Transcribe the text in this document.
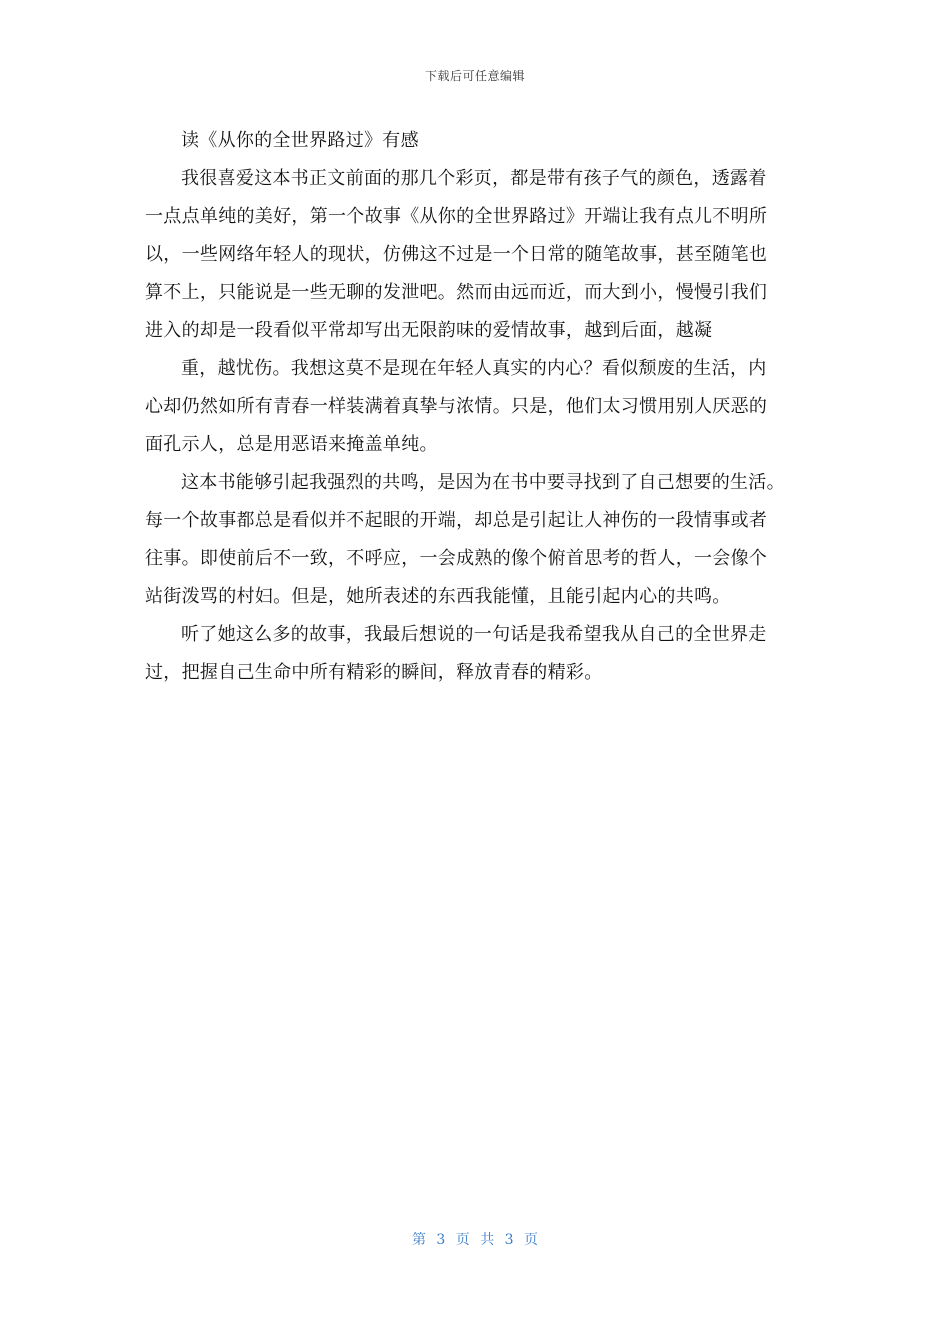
下载后可任意编辑
读《从你的全世界路过》有感
我很喜爱这本书正文前面的那几个彩页，都是带有孩子气的颜色，透露着
一点点单纯的美好，第一个故事《从你的全世界路过》开端让我有点儿不明所
以，一些网络年轻人的现状，仿佛这不过是一个日常的随笔故事，甚至随笔也
算不上，只能说是一些无聊的发泄吧。然而由远而近，而大到小，慢慢引我们
进入的却是一段看似平常却写出无限韵味的爱情故事，越到后面，越凝
重，越忧伤。我想这莫不是现在年轻人真实的内心？看似颓废的生活，内
心却仍然如所有青春一样装满着真挚与浓情。只是，他们太习惯用别人厌恶的
面孔示人，总是用恶语来掩盖单纯。
这本书能够引起我强烈的共鸣，是因为在书中要寻找到了自己想要的生活。
每一个故事都总是看似并不起眼的开端，却总是引起让人神伤的一段情事或者
往事。即使前后不一致，不呼应，一会成熟的像个俯首思考的哲人，一会像个
站街泼骂的村妇。但是，她所表述的东西我能懂，且能引起内心的共鸣。
听了她这么多的故事，我最后想说的一句话是我希望我从自己的全世界走
过，把握自己生命中所有精彩的瞬间，释放青春的精彩。
第 3 页 共 3 页
